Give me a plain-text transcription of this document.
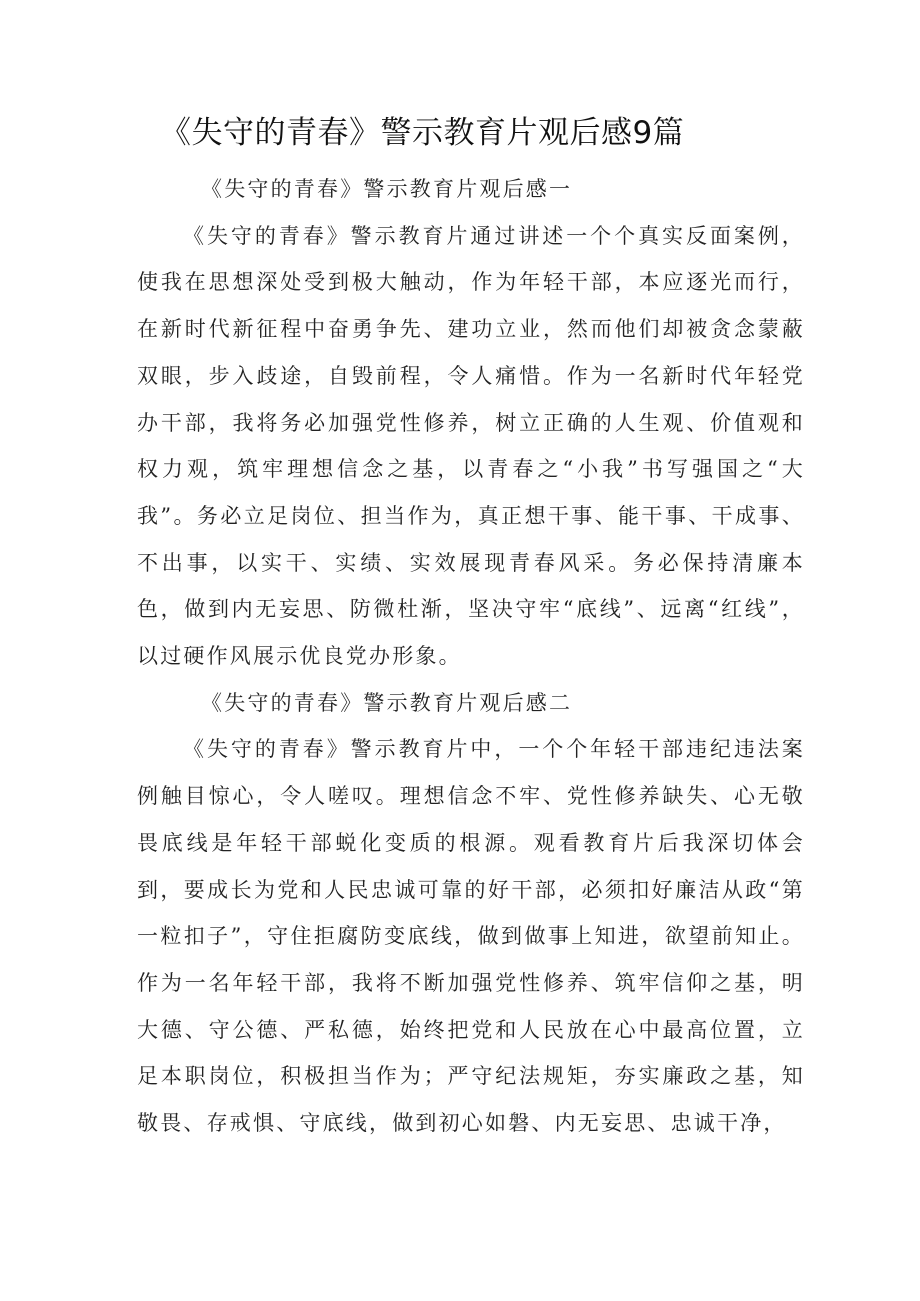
《失守的青春》警示教育片观后感9篇
《失守的青春》警示教育片观后感一

《失守的青春》警示教育片通过讲述一个个真实反面案例，使我在思想深处受到极大触动，作为年轻干部，本应逐光而行，在新时代新征程中奋勇争先、建功立业，然而他们却被贪念蒙蔽双眼，步入歧途，自毁前程，令人痛惜。作为一名新时代年轻党办干部，我将务必加强党性修养，树立正确的人生观、价值观和权力观，筑牢理想信念之基，以青春之“小我”书写强国之“大我”。务必立足岗位、担当作为，真正想干事、能干事、干成事、不出事，以实干、实绩、实效展现青春风采。务必保持清廉本色，做到内无妄思、防微杜渐，坚决守牢“底线”、远离“红线”，以过硬作风展示优良党办形象。

《失守的青春》警示教育片观后感二

《失守的青春》警示教育片中，一个个年轻干部违纪违法案例触目惊心，令人嗟叹。理想信念不牢、党性修养缺失、心无敬畏底线是年轻干部蜕化变质的根源。观看教育片后我深切体会到，要成长为党和人民忠诚可靠的好干部，必须扣好廉洁从政“第一粒扣子”，守住拒腐防变底线，做到做事上知进，欲望前知止。作为一名年轻干部，我将不断加强党性修养、筑牢信仰之基，明大德、守公德、严私德，始终把党和人民放在心中最高位置，立足本职岗位，积极担当作为；严守纪法规矩，夯实廉政之基，知敬畏、存戒惧、守底线，做到初心如磐、内无妄思、忠诚干净，
